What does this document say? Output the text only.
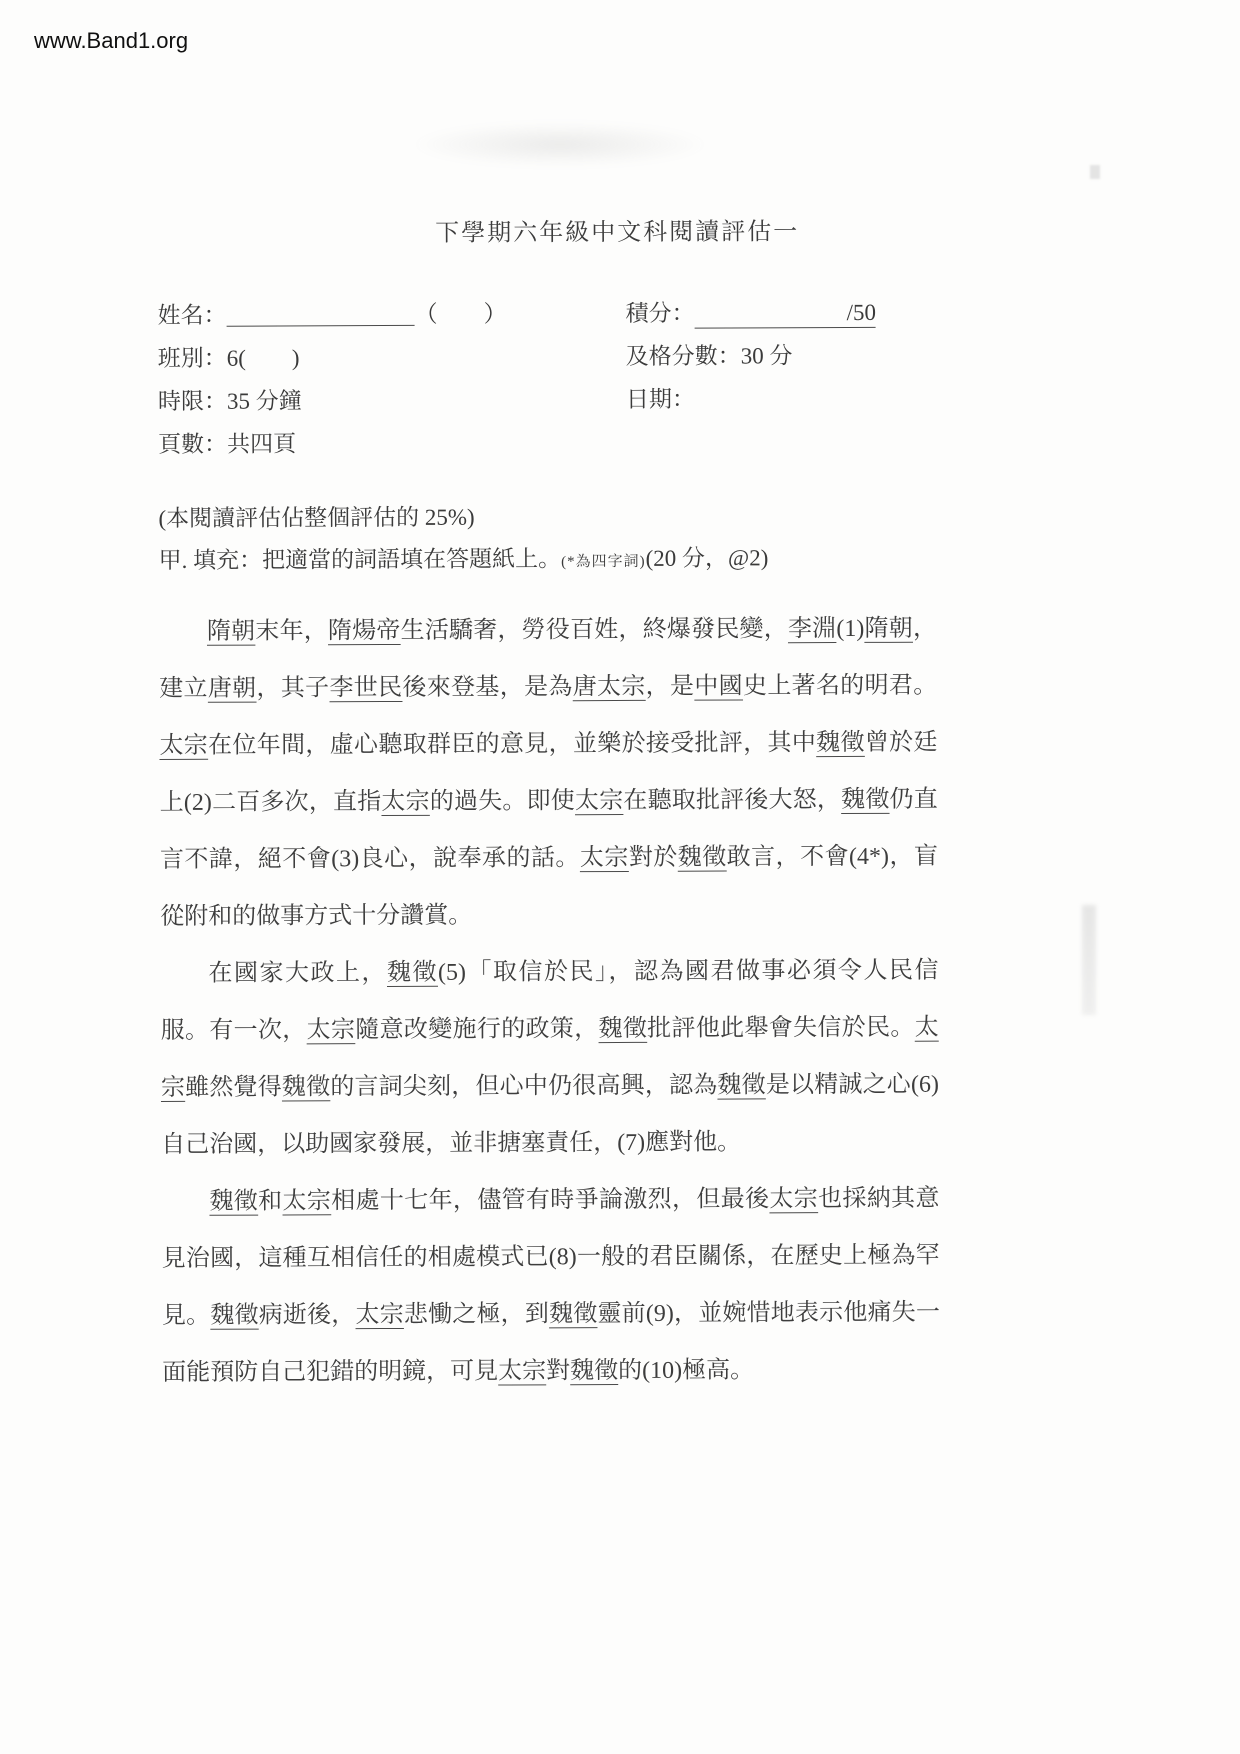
www.Band1.org
下學期六年級中文科閱讀評估一
姓名：	（　　）
班別：6(　　)
時限：35 分鐘
頁數：共四頁
積分：	/50
及格分數：30 分
日期：
(本閱讀評估佔整個評估的 25%)
甲. 填充：把適當的詞語填在答題紙上。(*為四字詞)(20 分，@2)

隋朝末年，隋煬帝生活驕奢，勞役百姓，終爆發民變，李淵(1)隋朝，建立唐朝，其子李世民後來登基，是為唐太宗，是中國史上著名的明君。太宗在位年間，虛心聽取群臣的意見，並樂於接受批評，其中魏徵曾於廷上(2)二百多次，直指太宗的過失。即使太宗在聽取批評後大怒，魏徵仍直言不諱，絕不會(3)良心，說奉承的話。太宗對於魏徵敢言，不會(4*)，盲從附和的做事方式十分讚賞。

在國家大政上，魏徵(5)「取信於民」，認為國君做事必須令人民信服。有一次，太宗隨意改變施行的政策，魏徵批評他此舉會失信於民。太宗雖然覺得魏徵的言詞尖刻，但心中仍很高興，認為魏徵是以精誠之心(6)自己治國，以助國家發展，並非搪塞責任，(7)應對他。

魏徵和太宗相處十七年，儘管有時爭論激烈，但最後太宗也採納其意見治國，這種互相信任的相處模式已(8)一般的君臣關係，在歷史上極為罕見。魏徵病逝後，太宗悲慟之極，到魏徵靈前(9)，並婉惜地表示他痛失一面能預防自己犯錯的明鏡，可見太宗對魏徵的(10)極高。
